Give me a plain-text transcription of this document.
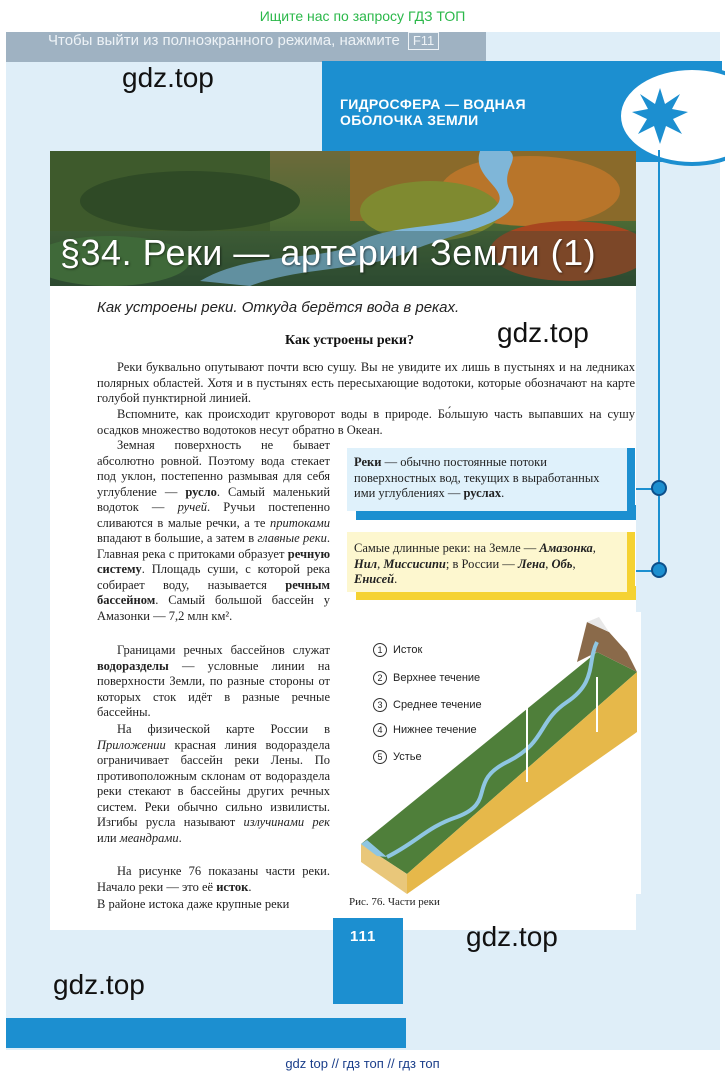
Ищите нас по запросу ГДЗ ТОП
Чтобы выйти из полноэкранного режима, нажмите F11
ГИДРОСФЕРА — ВОДНАЯ
ОБОЛОЧКА ЗЕМЛИ
§34. Реки — артерии Земли (1)
gdz.top
gdz.top
gdz.top
gdz.top
Как устроены реки. Откуда берётся вода в реках.
Как устроены реки?
Реки буквально опутывают почти всю сушу. Вы не увидите их лишь в пустынях и на ледниках полярных областей. Хотя и в пустынях есть пересыхающие водотоки, которые обозначают на карте голубой пунктирной линией.
Вспомните, как происходит круговорот воды в природе. Бо́льшую часть выпавших на сушу осадков множество водотоков несут обратно в Океан.
Земная поверхность не бывает абсолютно ровной. Поэтому вода стекает под уклон, постепенно размывая для себя углубление — русло. Самый маленький водоток — ручей. Ручьи постепенно сливаются в малые речки, а те притоками впадают в большие, а затем в главные реки. Главная река с притоками образует речную систему. Площадь суши, с которой река собирает воду, называется речным бассейном. Самый большой бассейн у Амазонки — 7,2 млн км².
Границами речных бассейнов служат водоразделы — условные линии на поверхности Земли, по разные стороны от которых сток идёт в разные речные бассейны.
На физической карте России в Приложении красная линия водораздела ограничивает бассейн реки Лены. По противоположным склонам от водораздела реки стекают в бассейны других речных систем. Реки обычно сильно извилисты. Изгибы русла называют излучинами рек или меандрами.
На рисунке 76 показаны части реки. Начало реки — это её исток.
В районе истока даже крупные реки
Реки — обычно постоянные потоки поверхностных вод, текущих в выработанных ими углублениях — руслах.
Самые длинные реки: на Земле — Амазонка, Нил, Миссисипи; в России — Лена, Обь, Енисей.
1 Исток
2 Верхнее течение
3 Среднее течение
4 Нижнее течение
5 Устье
Рис. 76. Части реки
111
gdz top // гдз топ // гдз топ
